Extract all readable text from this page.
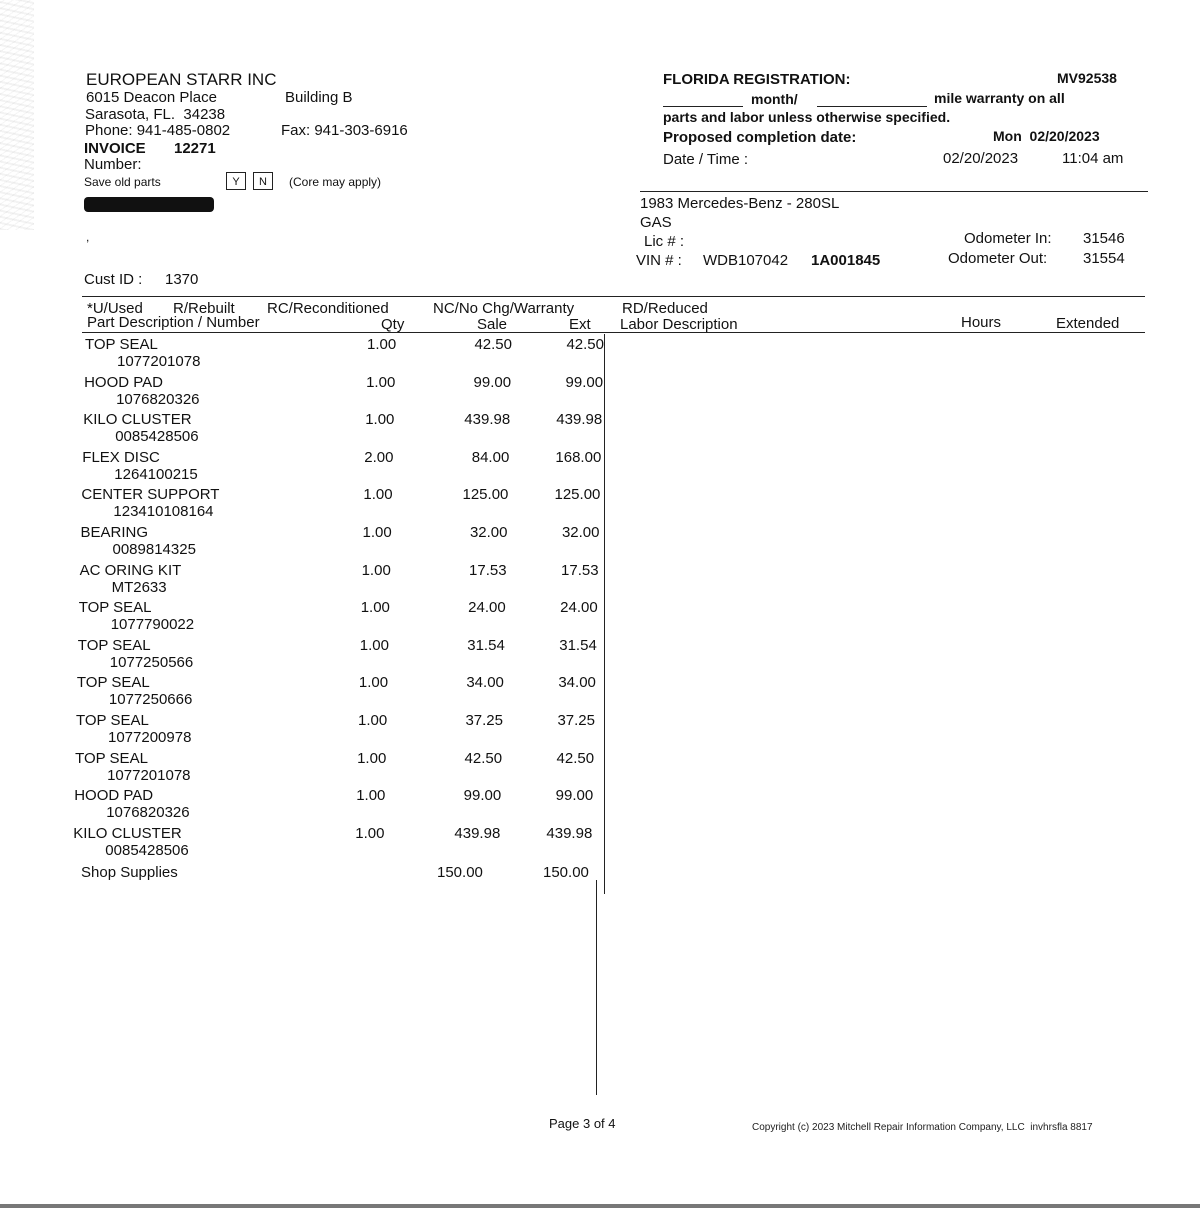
EUROPEAN STARR INC
6015 Deacon Place	Building B
Sarasota, FL.  34238
Phone: 941-485-0802	Fax: 941-303-6916
INVOICE 12271
Number:
Save old parts	Y	N	(Core may apply)
FLORIDA REGISTRATION:	MV92538
month/	mile warranty on all
parts and labor unless otherwise specified.
Proposed completion date:	Mon  02/20/2023
Date / Time :	02/20/2023	11:04 am
,
Cust ID : 1370
1983 Mercedes-Benz - 280SL
GAS
Lic # :
VIN # : WDB107042 1A001845
Odometer In: 31546
Odometer Out: 31554
*U/Used R/Rebuilt RC/Reconditioned	NC/No Chg/Warranty	RD/Reduced
Part Description / Number	Qty	Sale	Ext Labor Description	Hours	Extended
TOP SEAL
1077201078
1.00	42.50	42.50
HOOD PAD
1076820326
1.00	99.00	99.00
KILO CLUSTER
0085428506
1.00	439.98	439.98
FLEX DISC
1264100215
2.00	84.00	168.00
CENTER SUPPORT
123410108164
1.00	125.00	125.00
BEARING
0089814325
1.00	32.00	32.00
AC ORING KIT
MT2633
1.00	17.53	17.53
TOP SEAL
1077790022
1.00	24.00	24.00
TOP SEAL
1077250566
1.00	31.54	31.54
TOP SEAL
1077250666
1.00	34.00	34.00
TOP SEAL
1077200978
1.00	37.25	37.25
TOP SEAL
1077201078
1.00	42.50	42.50
HOOD PAD
1076820326
1.00	99.00	99.00
KILO CLUSTER
0085428506
1.00	439.98	439.98
Shop Supplies	150.00	150.00
Page 3 of 4	Copyright (c) 2023 Mitchell Repair Information Company, LLC  invhrsfla 8817
